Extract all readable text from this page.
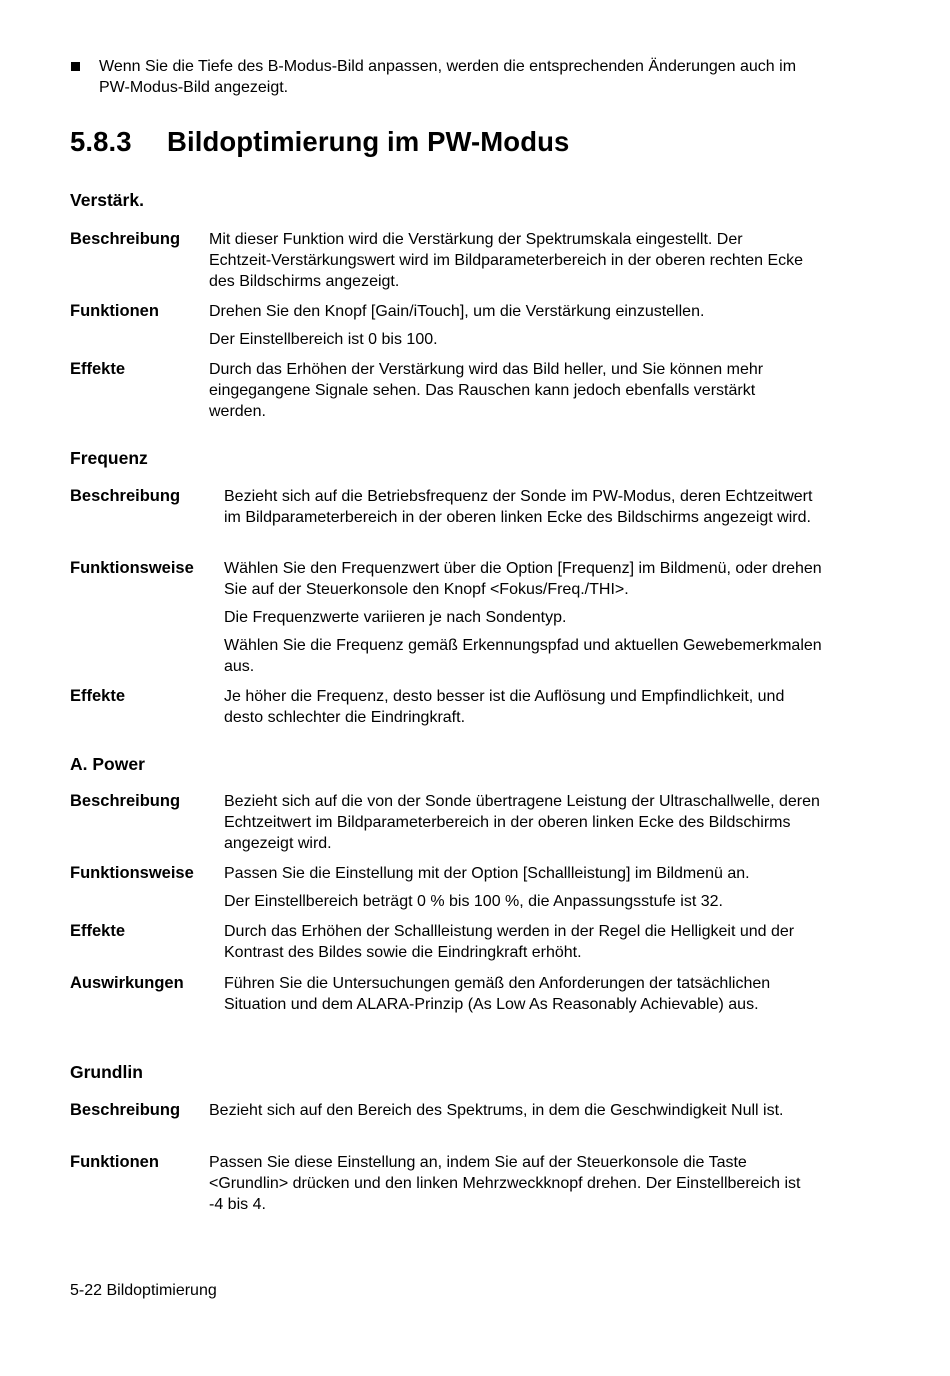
Wenn Sie die Tiefe des B-Modus-Bild anpassen, werden die entsprechenden Änderungen auch im PW-Modus-Bild angezeigt.
5.8.3 Bildoptimierung im PW-Modus
Verstärk.
Beschreibung Mit dieser Funktion wird die Verstärkung der Spektrumskala eingestellt. Der Echtzeit-Verstärkungswert wird im Bildparameterbereich in der oberen rechten Ecke des Bildschirms angezeigt.

Funktionen	Drehen Sie den Knopf [Gain/iTouch], um die Verstärkung einzustellen.

Der Einstellbereich ist 0 bis 100.

Effekte	Durch das Erhöhen der Verstärkung wird das Bild heller, und Sie können mehr eingegangene Signale sehen. Das Rauschen kann jedoch ebenfalls verstärkt werden.

Frequenz
Beschreibung	Bezieht sich auf die Betriebsfrequenz der Sonde im PW-Modus, deren Echtzeitwert im Bildparameterbereich in der oberen linken Ecke des Bildschirms angezeigt wird.

Funktionsweise Wählen Sie den Frequenzwert über die Option [Frequenz] im Bildmenü, oder drehen Sie auf der Steuerkonsole den Knopf <Fokus/Freq./THI>.

Die Frequenzwerte variieren je nach Sondentyp.

Wählen Sie die Frequenz gemäß Erkennungspfad und aktuellen Gewebemerkmalen aus.

Effekte	Je höher die Frequenz, desto besser ist die Auflösung und Empfindlichkeit, und desto schlechter die Eindringkraft.

A. Power
Beschreibung	Bezieht sich auf die von der Sonde übertragene Leistung der Ultraschallwelle, deren Echtzeitwert im Bildparameterbereich in der oberen linken Ecke des Bildschirms angezeigt wird.

Funktionsweise Passen Sie die Einstellung mit der Option [Schallleistung] im Bildmenü an.

Der Einstellbereich beträgt 0 % bis 100 %, die Anpassungsstufe ist 32.

Effekte	Durch das Erhöhen der Schallleistung werden in der Regel die Helligkeit und der Kontrast des Bildes sowie die Eindringkraft erhöht.

Auswirkungen	Führen Sie die Untersuchungen gemäß den Anforderungen der tatsächlichen Situation und dem ALARA-Prinzip (As Low As Reasonably Achievable) aus.

Grundlin
Beschreibung Bezieht sich auf den Bereich des Spektrums, in dem die Geschwindigkeit Null ist.

Funktionen	Passen Sie diese Einstellung an, indem Sie auf der Steuerkonsole die Taste <Grundlin> drücken und den linken Mehrzweckknopf drehen. Der Einstellbereich ist -4 bis 4.

5-22 Bildoptimierung
